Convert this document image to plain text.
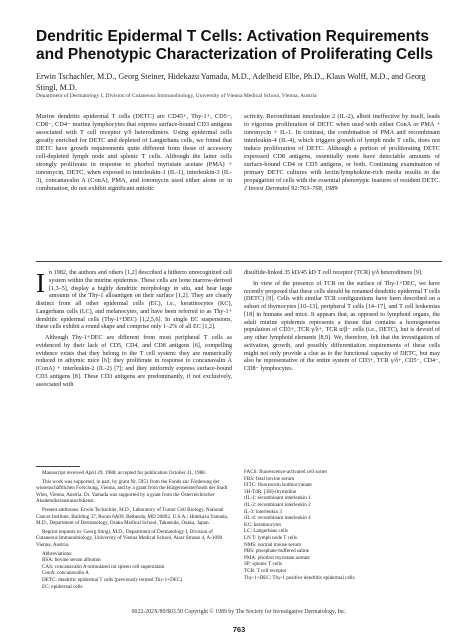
Dendritic Epidermal T Cells: Activation Requirements and Phenotypic Characterization of Proliferating Cells
Erwin Tschachler, M.D., Georg Steiner, Hidekazu Yamada, M.D., Adelheid Elbe, Ph.D., Klaus Wolff, M.D., and Georg Stingl, M.D.
Department of Dermatology I, Division of Cutaneous Immunobiology, University of Vienna Medical School, Vienna, Austria
Murine dendritic epidermal T cells (DETC) are CD45+, Thy-1+, CD5−, CD8−, CD4− murine lymphocytes that express surface-bound CD3 antigens associated with T cell receptor γ/δ heterodimers. Using epidermal cells greatly enriched for DETC and depleted of Langerhans cells, we found that DETC have growth requirements quite different from those of accessory cell-depleted lymph node and splenic T cells. Although the latter cells strongly proliferate in response to phorbol myristate acetate (PMA) + ionomycin, DETC, when exposed to interleukin-1 (IL-1), interleukin-3 (IL-3), concanavalin A (ConA), PMA, and ionomycin used either alone or in combination, do not exhibit significant mitotic
activity. Recombinant interleukin 2 (IL-2), albeit ineffective by itself, leads to vigorous proliferation of DETC when used with either ConA or PMA + ionomycin + IL-1. In contrast, the combination of PMA and recombinant interleukin-4 (IL-4), which triggers growth of lymph node T cells, does not induce proliferation of DETC. Although a portion of proliferating DETC expressed CD8 antigens, essentially none have detectable amounts of surface-bound CD4 or CD5 antigens, or both. Continuing examination of primary DETC cultures with lectin/lymphokine-rich media results in the propagation of cells with the essential phenotypic features of resident DETC. J Invest Dermatol 92:763–768, 1989

In 1982, the authors and others [1,2] described a hitherto unrecognized cell system within the murine epidermis. These cells are bone marrow-derived [1,3–5], display a highly dendritic morphology in situ, and bear large amounts of the Thy-1 alloantigen on their surface [1,2]. They are clearly distinct from all other epidermal cells (EC), i.e., keratinocytes (KC), Langerhans cells (LC), and melanocytes, and have been referred to as Thy-1+ dendritic epidermal cells (Thy-1+DEC) [1,2,5,6]. In single EC suspensions, these cells exhibit a round shape and comprise only 1–2% of all EC [1,2].

Although Thy-1+DEC are different from most peripheral T cells as evidenced by their lack of CD5, CD4, and CD8 antigens [6], compelling evidence exists that they belong to the T cell system: they are numerically reduced in athymic mice [6]; they proliferate in response to concanavalin A (ConA) + interleukin-2 (IL-2) [7]; and they uniformly express surface-bound CD3 antigens [8]. These CD3 antigens are predominantly, if not exclusively, associated with

disulfide-linked 35 kD/45 kD T cell receptor (TCR) γ/δ heterodimers [9].

In view of the presence of TCR on the surface of Thy-1+DEC, we have recently proposed that these cells should be renamed dendritic epidermal T cells (DETC) [9]. Cells with similar TCR configurations have been described on a subset of thymocytes [10–13], peripheral T cells [14–17], and T cell leukemias [18] in humans and mice. It appears that, as opposed to lymphoid organs, the adult murine epidermis represents a tissue that contains a homogeneous population of CD3+, TCR γ/δ+, TCR α/β− cells (i.e., DETC), but is devoid of any other lymphoid elements [8,9]. We, therefore, felt that the investigation of activation, growth, and possibly differentiation requirements of these cells might not only provide a clue as to the functional capacity of DETC, but may also be representative of the entire system of CD3+, TCR γ/δ+, CD5−, CD4−, CD8− lymphocytes.

Manuscript received April 29, 1988; accepted for publication October 31, 1988.

This work was supported, in part, by grant Nr. 5951 from the Fonds zur Förderung der wissenschaftlichen Forschung, Vienna, and by a grant from the Bürgermeisterfonds der Stadt Wien, Vienna, Austria. Dr. Yamada was supported by a grant from the Österreichischer Akademikeraustauschdienst.

Present addresses: Erwin Tschachler, M.D., Laboratory of Tumor Cell Biology, National Cancer Institute, Building 37, Room 6A09, Bethesda, MD 20892, U.S.A.; Hidekazu Yamada, M.D., Department of Dermatology, Osaka Medical School, Takatsuki, Osaka, Japan.

Reprint requests to: Georg Stingl, M.D., Department of Dermatology I, Division of Cutaneous Immunobiology, University of Vienna Medical School, Alser Strasse 4, A-1090 Vienna, Austria.

Abbreviations:
BSA: bovine serum albumin
CAS: concanavalin A-stimulated rat spleen cell supernatant
ConA: concanavalin A
DETC: dendritic epidermal T cells (previously termed Thy-1+DEC)
EC: epidermal cells
FACS: fluorescence-activated cell sorter
FBS: fetal bovine serum
FITC: fluorescein isothiocyanate
3H-TdR: [3H]-thymidine
rIL-1: recombinant interleukin 1
rIL-2: recombinant interleukin 2
IL-3: interleukin 3
rIL-4: recombinant interleukin 4
KC: keratinocytes
LC: Langerhans cells
LN T: lymph node T cells
NMS: normal mouse serum
PBS: phosphate-buffered saline
PMA: phorbol myristate acetate
SP: splenic T cells
TCR: T cell receptor
Thy-1+DEC: Thy-1 positive dendritic epidermal cells
0022-202X/89/$03.50 Copyright © 1989 by The Society for Investigative Dermatology, Inc.
763
